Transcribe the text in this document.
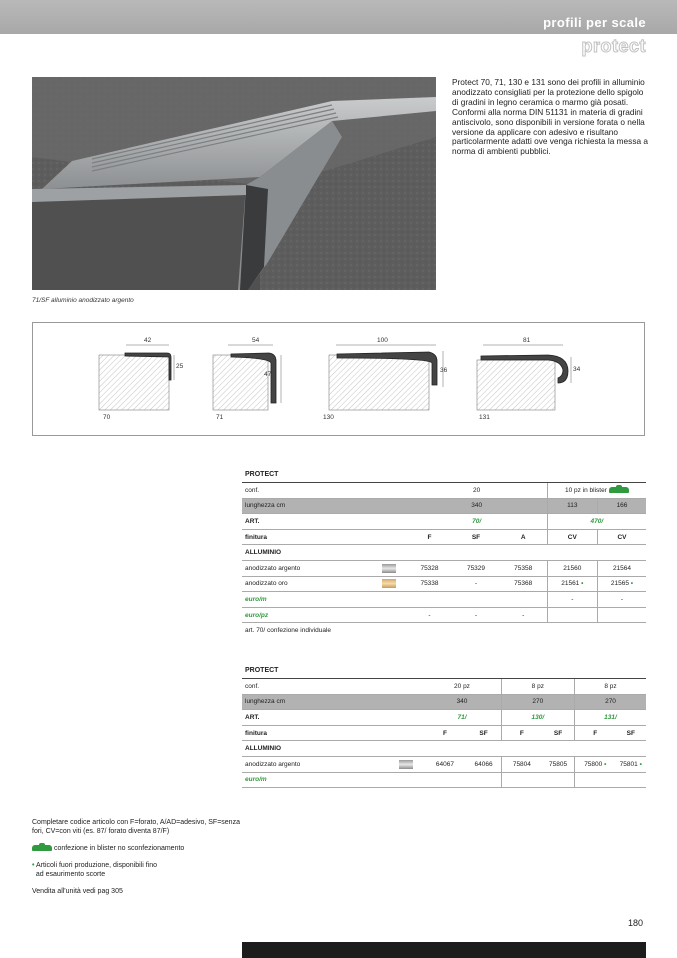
profili per scale
protect
71/SF alluminio anodizzato argento
Protect 70, 71, 130 e 131 sono dei profili in alluminio anodizzato consigliati per la protezione dello spigolo di gradini in legno ceramica o marmo già posati. Conformi alla norma DIN 51131 in materia di gradini antiscivolo, sono disponibili in versione forata o nella versione da applicare con adesivo e risultano particolarmente adatti ove venga richiesta la messa a norma di ambienti pubblici.
42
25
70
54
47
71
100
36
130
81
34
131
PROTECT						
conf.		20			10 pz in blister	
lunghezza cm		340			113	166
ART.		70/			470/	
finitura		F	SF	A	CV	CV
ALLUMINIO						
anodizzato argento		75328	75329	75358	21560	21564
anodizzato oro		75338	-	75368	21561 •	21565 •
euro/m					-	-
euro/pz		-	-	-		
art. 70/ confezione individuale						
PROTECT							
conf.		20 pz		8 pz		8 pz	
lunghezza cm		340		270		270	
ART.		71/		130/		131/	
finitura		F	SF	F	SF	F	SF
ALLUMINIO							
anodizzato argento		64067	64066	75804	75805	75800 •	75801 •
euro/m							

Completare codice articolo con F=forato, A/AD=adesivo, SF=senza fori, CV=con viti (es. 87/ forato diventa 87/F)

confezione in blister no sconfezionamento

• Articoli fuori produzione, disponibili fino
ad esaurimento scorte

Vendita all'unità vedi pag 305

180
